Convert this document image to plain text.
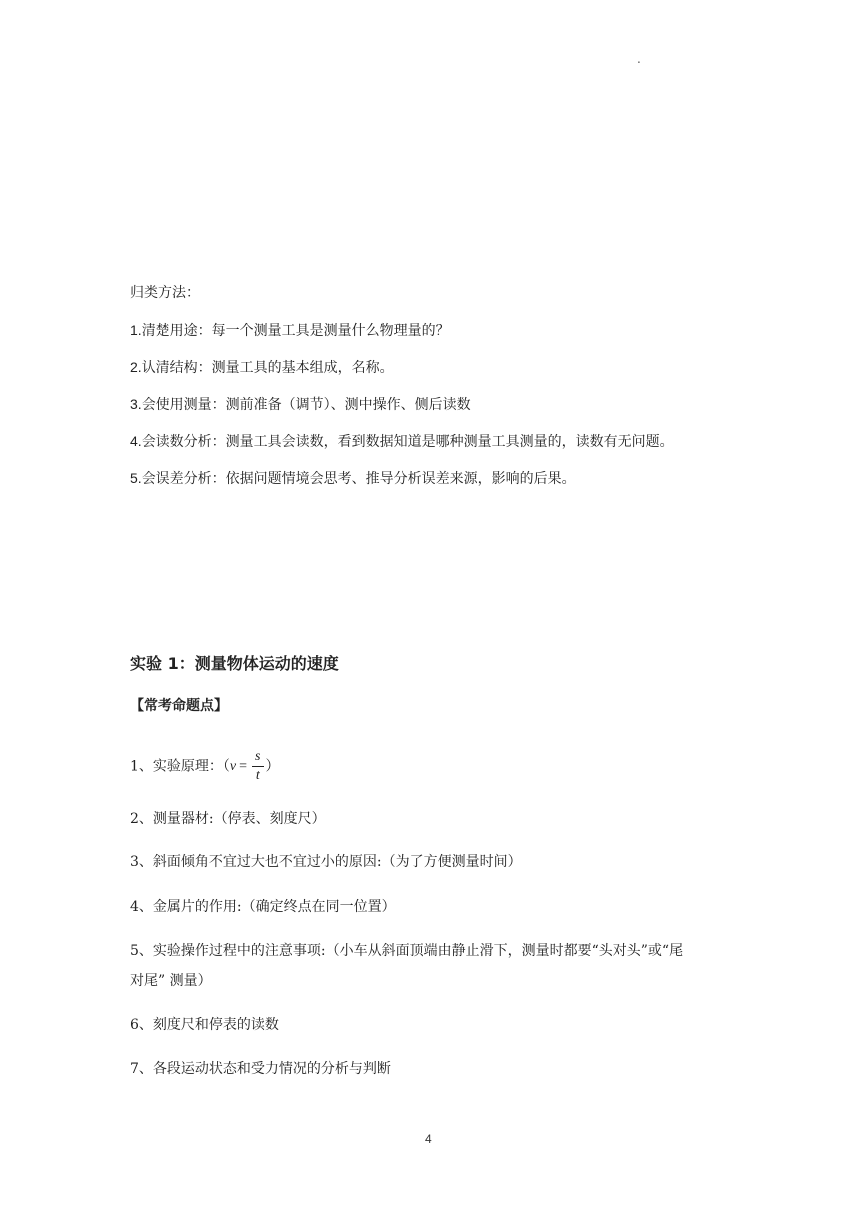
.
归类方法：
1.清楚用途：每一个测量工具是测量什么物理量的？
2.认清结构：测量工具的基本组成，名称。
3.会使用测量：测前准备（调节）、测中操作、侧后读数
4.会读数分析：测量工具会读数，看到数据知道是哪种测量工具测量的，读数有无问题。
5.会误差分析：依据问题情境会思考、推导分析误差来源，影响的后果。
实验 1：测量物体运动的速度
【常考命题点】
1、实验原理：（ $v = \frac{s}{t}$ ）
2、测量器材:（停表、刻度尺）
3、斜面倾角不宜过大也不宜过小的原因:（为了方便测量时间）
4、金属片的作用:（确定终点在同一位置）
5、实验操作过程中的注意事项:（小车从斜面顶端由静止滑下，测量时都要“头对头”或“尾
对尾” 测量）
6、刻度尺和停表的读数
7、各段运动状态和受力情况的分析与判断
4
